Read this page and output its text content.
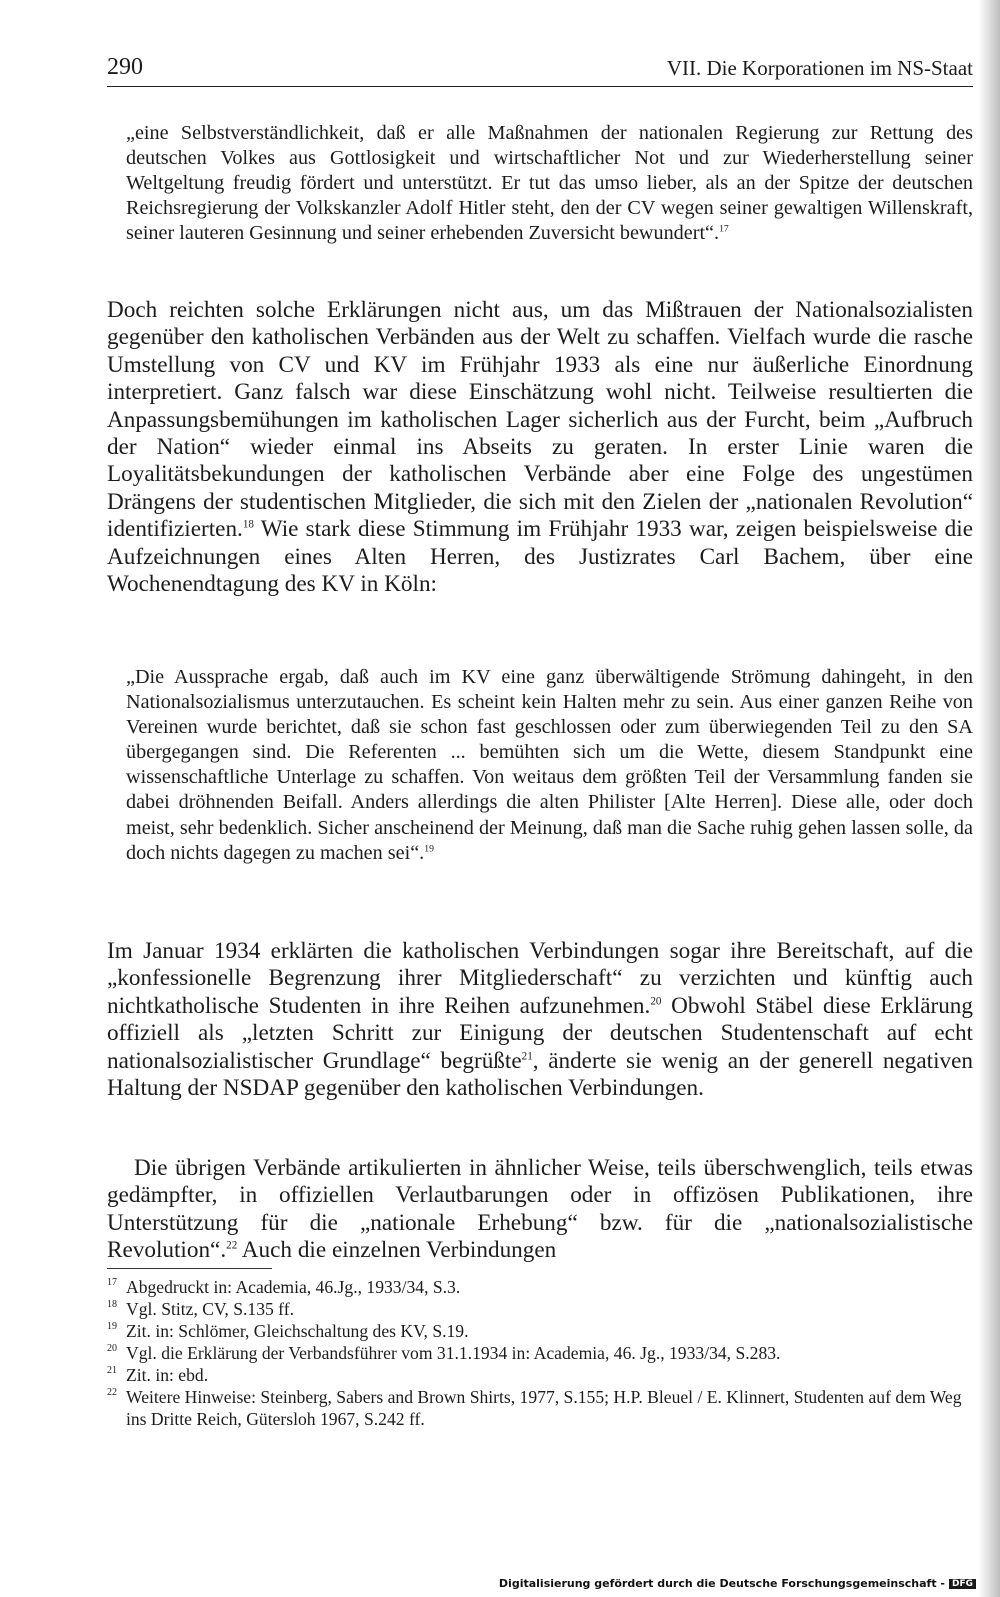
290	VII. Die Korporationen im NS-Staat
„eine Selbstverständlichkeit, daß er alle Maßnahmen der nationalen Regierung zur Rettung des deutschen Volkes aus Gottlosigkeit und wirtschaftlicher Not und zur Wiederherstellung seiner Weltgeltung freudig fördert und unterstützt. Er tut das umso lieber, als an der Spitze der deutschen Reichsregierung der Volkskanzler Adolf Hitler steht, den der CV wegen seiner gewaltigen Willenskraft, seiner lauteren Gesinnung und seiner erhebenden Zuversicht bewundert“.$^{17}$
Doch reichten solche Erklärungen nicht aus, um das Mißtrauen der Nationalsozialisten gegenüber den katholischen Verbänden aus der Welt zu schaffen. Vielfach wurde die rasche Umstellung von CV und KV im Frühjahr 1933 als eine nur äußerliche Einordnung interpretiert. Ganz falsch war diese Einschätzung wohl nicht. Teilweise resultierten die Anpassungsbemühungen im katholischen Lager sicherlich aus der Furcht, beim „Aufbruch der Nation“ wieder einmal ins Abseits zu geraten. In erster Linie waren die Loyalitätsbekundungen der katholischen Verbände aber eine Folge des ungestümen Drängens der studentischen Mitglieder, die sich mit den Zielen der „nationalen Revolution“ identifizierten.$^{18}$ Wie stark diese Stimmung im Frühjahr 1933 war, zeigen beispielsweise die Aufzeichnungen eines Alten Herren, des Justizrates Carl Bachem, über eine Wochenendtagung des KV in Köln:
„Die Aussprache ergab, daß auch im KV eine ganz überwältigende Strömung dahingeht, in den Nationalsozialismus unterzutauchen. Es scheint kein Halten mehr zu sein. Aus einer ganzen Reihe von Vereinen wurde berichtet, daß sie schon fast geschlossen oder zum überwiegenden Teil zu den SA übergegangen sind. Die Referenten ... bemühten sich um die Wette, diesem Standpunkt eine wissenschaftliche Unterlage zu schaffen. Von weitaus dem größten Teil der Versammlung fanden sie dabei dröhnenden Beifall. Anders allerdings die alten Philister [Alte Herren]. Diese alle, oder doch meist, sehr bedenklich. Sicher anscheinend der Meinung, daß man die Sache ruhig gehen lassen solle, da doch nichts dagegen zu machen sei“.$^{19}$
Im Januar 1934 erklärten die katholischen Verbindungen sogar ihre Bereitschaft, auf die „konfessionelle Begrenzung ihrer Mitgliederschaft“ zu verzichten und künftig auch nichtkatholische Studenten in ihre Reihen aufzunehmen.$^{20}$ Obwohl Stäbel diese Erklärung offiziell als „letzten Schritt zur Einigung der deutschen Studentenschaft auf echt nationalsozialistischer Grundlage“ begrüßte$^{21}$, änderte sie wenig an der generell negativen Haltung der NSDAP gegenüber den katholischen Verbindungen.
Die übrigen Verbände artikulierten in ähnlicher Weise, teils überschwenglich, teils etwas gedämpfter, in offiziellen Verlautbarungen oder in offizösen Publikationen, ihre Unterstützung für die „nationale Erhebung“ bzw. für die „nationalsozialistische Revolution“.$^{22}$ Auch die einzelnen Verbindungen
17 Abgedruckt in: Academia, 46.Jg., 1933/34, S.3.
18 Vgl. Stitz, CV, S.135 ff.
19 Zit. in: Schlömer, Gleichschaltung des KV, S.19.
20 Vgl. die Erklärung der Verbandsführer vom 31.1.1934 in: Academia, 46. Jg., 1933/34, S.283.
21 Zit. in: ebd.
22 Weitere Hinweise: Steinberg, Sabers and Brown Shirts, 1977, S.155; H.P. Bleuel / E. Klinnert, Studenten auf dem Weg ins Dritte Reich, Gütersloh 1967, S.242 ff.
Digitalisierung gefördert durch die Deutsche Forschungsgemeinschaft - DFG
